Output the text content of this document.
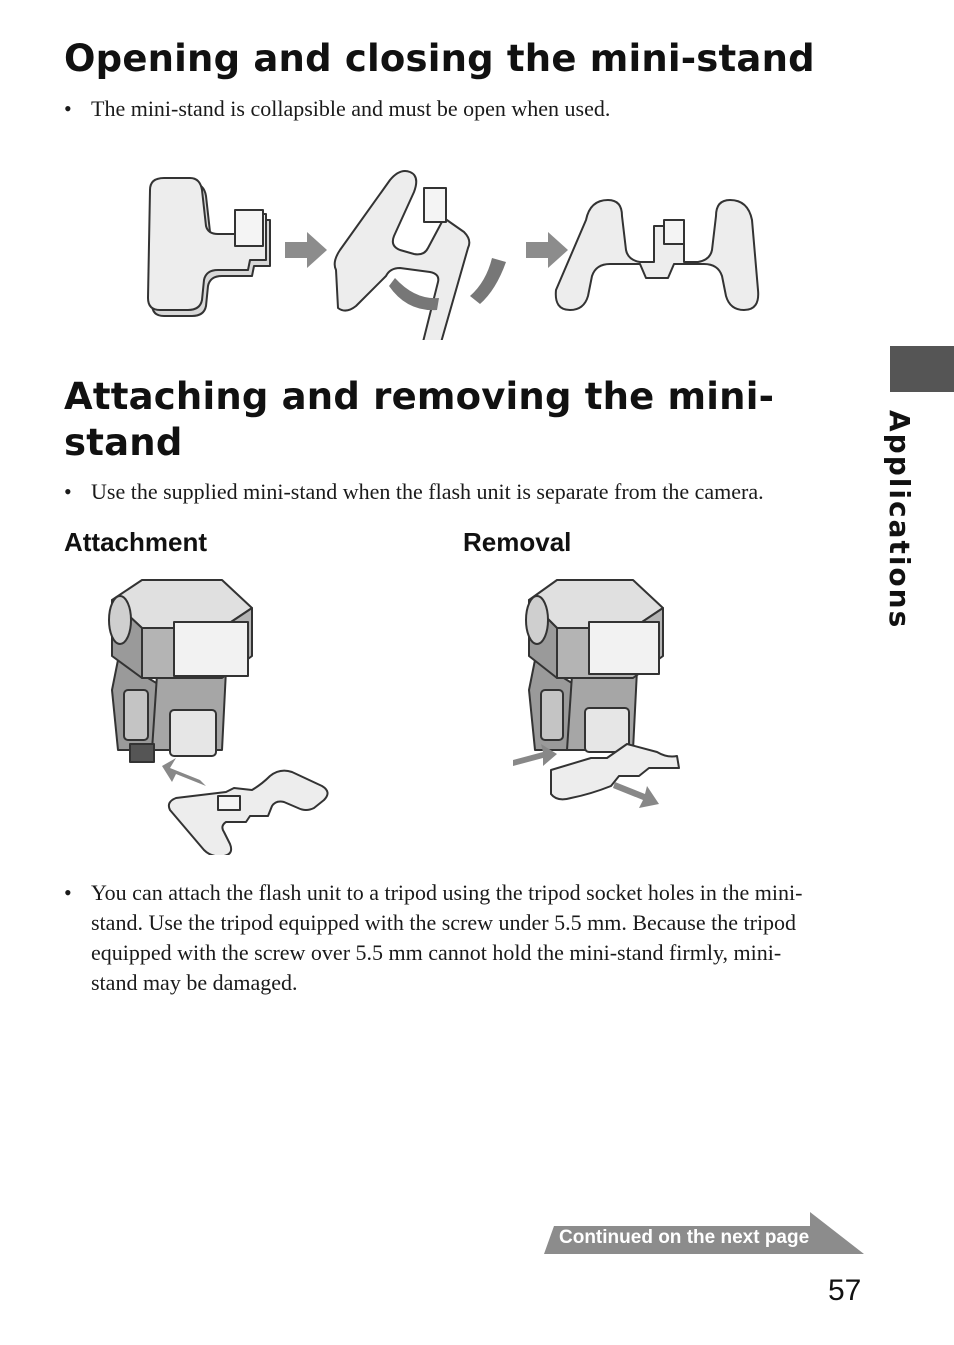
Opening and closing the mini-stand
• The mini-stand is collapsible and must be open when used.
Attaching and removing the mini-
stand
• Use the supplied mini-stand when the flash unit is separate from the camera.
Attachment	Removal
• You can attach the flash unit to a tripod using the tripod socket holes in the mini-
stand. Use the tripod equipped with the screw under 5.5 mm. Because the tripod
equipped with the screw over 5.5 mm cannot hold the mini-stand firmly, mini-
stand may be damaged.
Applications
Continued on the next page
57
